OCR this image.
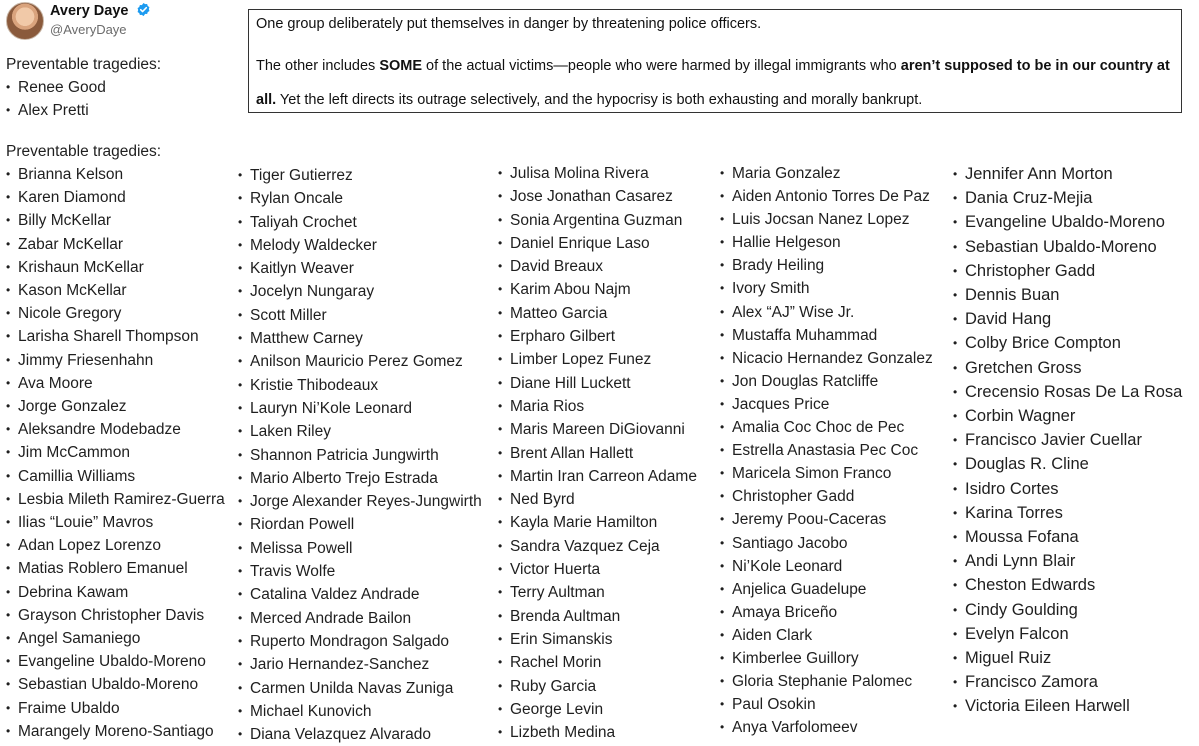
Avery Daye
@AveryDaye
Preventable tragedies:
• Renee Good
• Alex Pretti

One group deliberately put themselves in danger by threatening police officers.

The other includes SOME of the actual victims—people who were harmed by illegal immigrants who aren’t supposed to be in our country at all. Yet the left directs its outrage selectively, and the hypocrisy is both exhausting and morally bankrupt.

Preventable tragedies:
• Brianna Kelson
• Karen Diamond
• Billy McKellar
• Zabar McKellar
• Krishaun McKellar
• Kason McKellar
• Nicole Gregory
• Larisha Sharell Thompson
• Jimmy Friesenhahn
• Ava Moore
• Jorge Gonzalez
• Aleksandre Modebadze
• Jim McCammon
• Camillia Williams
• Lesbia Mileth Ramirez-Guerra
• Ilias “Louie” Mavros
• Adan Lopez Lorenzo
• Matias Roblero Emanuel
• Debrina Kawam
• Grayson Christopher Davis
• Angel Samaniego
• Evangeline Ubaldo-Moreno
• Sebastian Ubaldo-Moreno
• Fraime Ubaldo
• Marangely Moreno-Santiago
• Tiger Gutierrez
• Rylan Oncale
• Taliyah Crochet
• Melody Waldecker
• Kaitlyn Weaver
• Jocelyn Nungaray
• Scott Miller
• Matthew Carney
• Anilson Mauricio Perez Gomez
• Kristie Thibodeaux
• Lauryn Ni’Kole Leonard
• Laken Riley
• Shannon Patricia Jungwirth
• Mario Alberto Trejo Estrada
• Jorge Alexander Reyes-Jungwirth
• Riordan Powell
• Melissa Powell
• Travis Wolfe
• Catalina Valdez Andrade
• Merced Andrade Bailon
• Ruperto Mondragon Salgado
• Jario Hernandez-Sanchez
• Carmen Unilda Navas Zuniga
• Michael Kunovich
• Diana Velazquez Alvarado
• Julisa Molina Rivera
• Jose Jonathan Casarez
• Sonia Argentina Guzman
• Daniel Enrique Laso
• David Breaux
• Karim Abou Najm
• Matteo Garcia
• Erpharo Gilbert
• Limber Lopez Funez
• Diane Hill Luckett
• Maria Rios
• Maris Mareen DiGiovanni
• Brent Allan Hallett
• Martin Iran Carreon Adame
• Ned Byrd
• Kayla Marie Hamilton
• Sandra Vazquez Ceja
• Victor Huerta
• Terry Aultman
• Brenda Aultman
• Erin Simanskis
• Rachel Morin
• Ruby Garcia
• George Levin
• Lizbeth Medina
• Maria Gonzalez
• Aiden Antonio Torres De Paz
• Luis Jocsan Nanez Lopez
• Hallie Helgeson
• Brady Heiling
• Ivory Smith
• Alex “AJ” Wise Jr.
• Mustaffa Muhammad
• Nicacio Hernandez Gonzalez
• Jon Douglas Ratcliffe
• Jacques Price
• Amalia Coc Choc de Pec
• Estrella Anastasia Pec Coc
• Maricela Simon Franco
• Christopher Gadd
• Jeremy Poou-Caceras
• Santiago Jacobo
• Ni’Kole Leonard
• Anjelica Guadelupe
• Amaya Briceño
• Aiden Clark
• Kimberlee Guillory
• Gloria Stephanie Palomec
• Paul Osokin
• Anya Varfolomeev
• Jennifer Ann Morton
• Dania Cruz-Mejia
• Evangeline Ubaldo-Moreno
• Sebastian Ubaldo-Moreno
• Christopher Gadd
• Dennis Buan
• David Hang
• Colby Brice Compton
• Gretchen Gross
• Crecensio Rosas De La Rosa
• Corbin Wagner
• Francisco Javier Cuellar
• Douglas R. Cline
• Isidro Cortes
• Karina Torres
• Moussa Fofana
• Andi Lynn Blair
• Cheston Edwards
• Cindy Goulding
• Evelyn Falcon
• Miguel Ruiz
• Francisco Zamora
• Victoria Eileen Harwell
